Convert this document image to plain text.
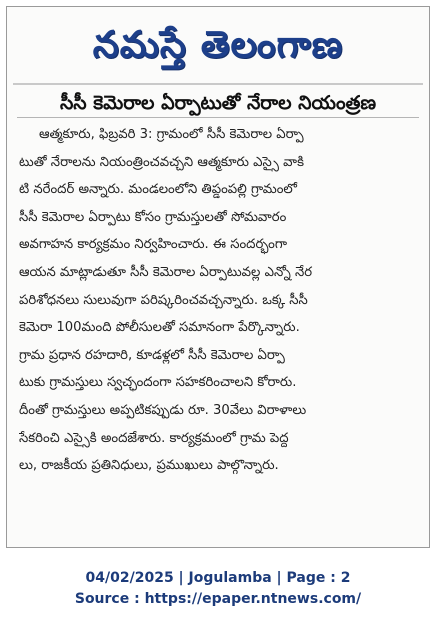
నమస్తే తెలంగాణ
సీసీ కెమెరాల ఏర్పాటుతో నేరాల నియంత్రణ
ఆత్మకూరు, ఫిబ్రవరి 3: గ్రామంలో సీసీ కెమెరాల ఏర్పా
టుతో నేరాలను నియంత్రించవచ్చని ఆత్మకూరు ఎస్సై వాకి
టి నరేందర్ అన్నారు. మండలంలోని తిప్డంపల్లి గ్రామంలో
సీసీ కెమెరాల ఏర్పాటు కోసం గ్రామస్తులతో సోమవారం
అవగాహన కార్యక్రమం నిర్వహించారు. ఈ సందర్భంగా
ఆయన మాట్లాడుతూ సీసీ కెమెరాల ఏర్పాటువల్ల ఎన్నో నేర
పరిశోధనలు సులువుగా పరిష్కరించవచ్చన్నారు. ఒక్క సీసీ
కెమెరా 100మంది పోలీసులతో సమానంగా పేర్కొన్నారు.
గ్రామ ప్రధాన రహదారి, కూడళ్లలో సీసీ కెమెరాల ఏర్పా
టుకు గ్రామస్తులు స్వచ్ఛందంగా సహకరించాలని కోరారు.
దీంతో గ్రామస్తులు అప్పటికప్పుడు రూ. 30వేలు విరాళాలు
సేకరించి ఎస్సైకి అందజేశారు. కార్యక్రమంలో గ్రామ పెద్ద
లు, రాజకీయ ప్రతినిధులు, ప్రముఖులు పాల్గొన్నారు.
04/02/2025 | Jogulamba | Page : 2
Source : https://epaper.ntnews.com/
